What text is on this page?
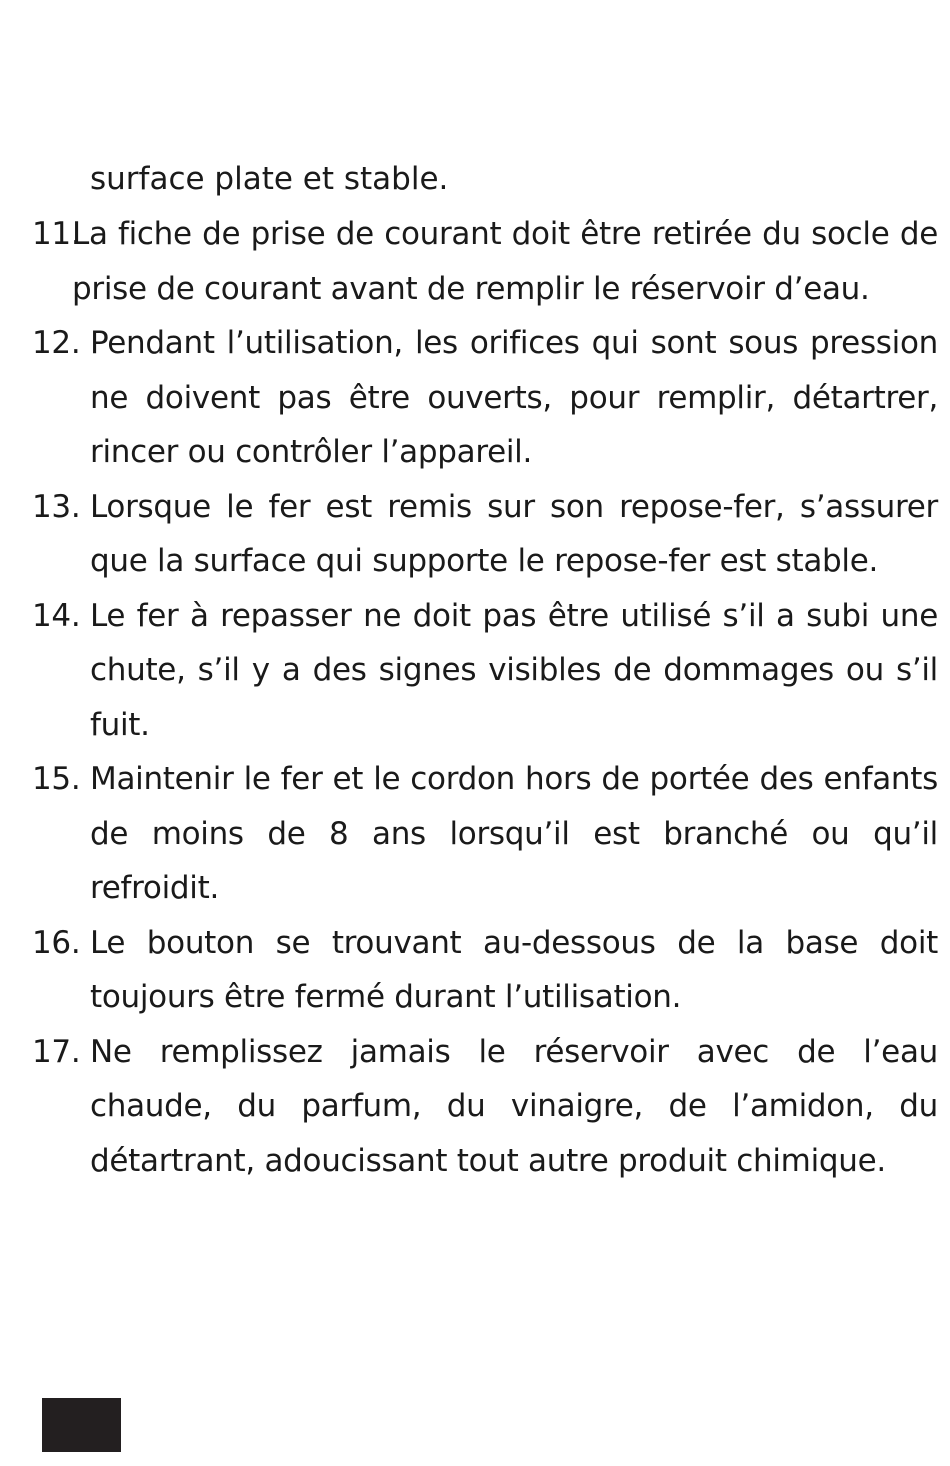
surface plate et stable.

11.
La fiche de prise de courant doit être retirée du socle de prise de courant avant de remplir le réservoir d’eau.
12. Pendant l’utilisation, les orifices qui sont sous pression ne doivent pas être ouverts, pour remplir, détartrer, rincer ou contrôler l’appareil.
13. Lorsque le fer est remis sur son repose-fer, s’assurer que la surface qui supporte le repose-fer est stable.
14. Le fer à repasser ne doit pas être utilisé s’il a subi une chute, s’il y a des signes visibles de dommages ou s’il fuit.
15. Maintenir le fer et le cordon hors de portée des enfants de moins de 8 ans lorsqu’il est branché ou qu’il refroidit.
16. Le bouton se trouvant au-dessous de la base doit toujours être fermé durant l’utilisation.
17. Ne remplissez jamais le réservoir avec de l’eau chaude, du parfum, du vinaigre, de l’amidon, du détartrant, adoucissant tout autre produit chimique.
